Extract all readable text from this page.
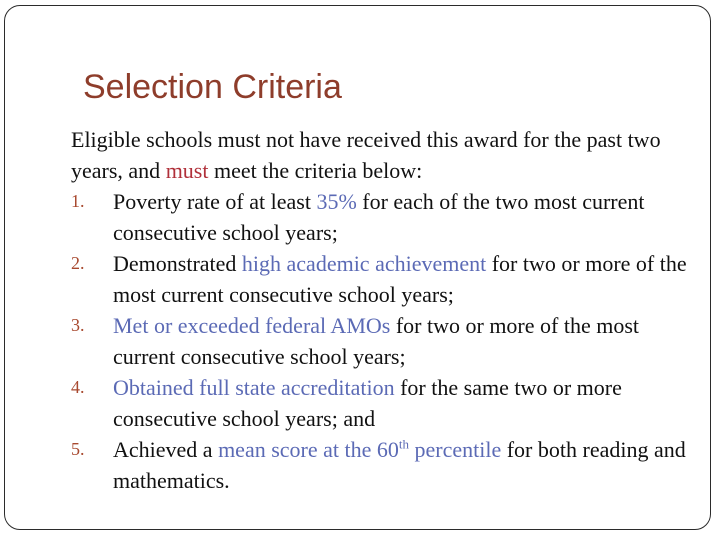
Selection Criteria

Eligible schools must not have received this award for the past two years, and must meet the criteria below:

1.	Poverty rate of at least 35% for each of the two most current consecutive school years;
2.	Demonstrated high academic achievement for two or more of the most current consecutive school years;
3.	Met or exceeded federal AMOs for two or more of the most current consecutive school years;
4.	Obtained full state accreditation for the same two or more consecutive school years; and
5.	Achieved a mean score at the 60th percentile for both reading and mathematics.
